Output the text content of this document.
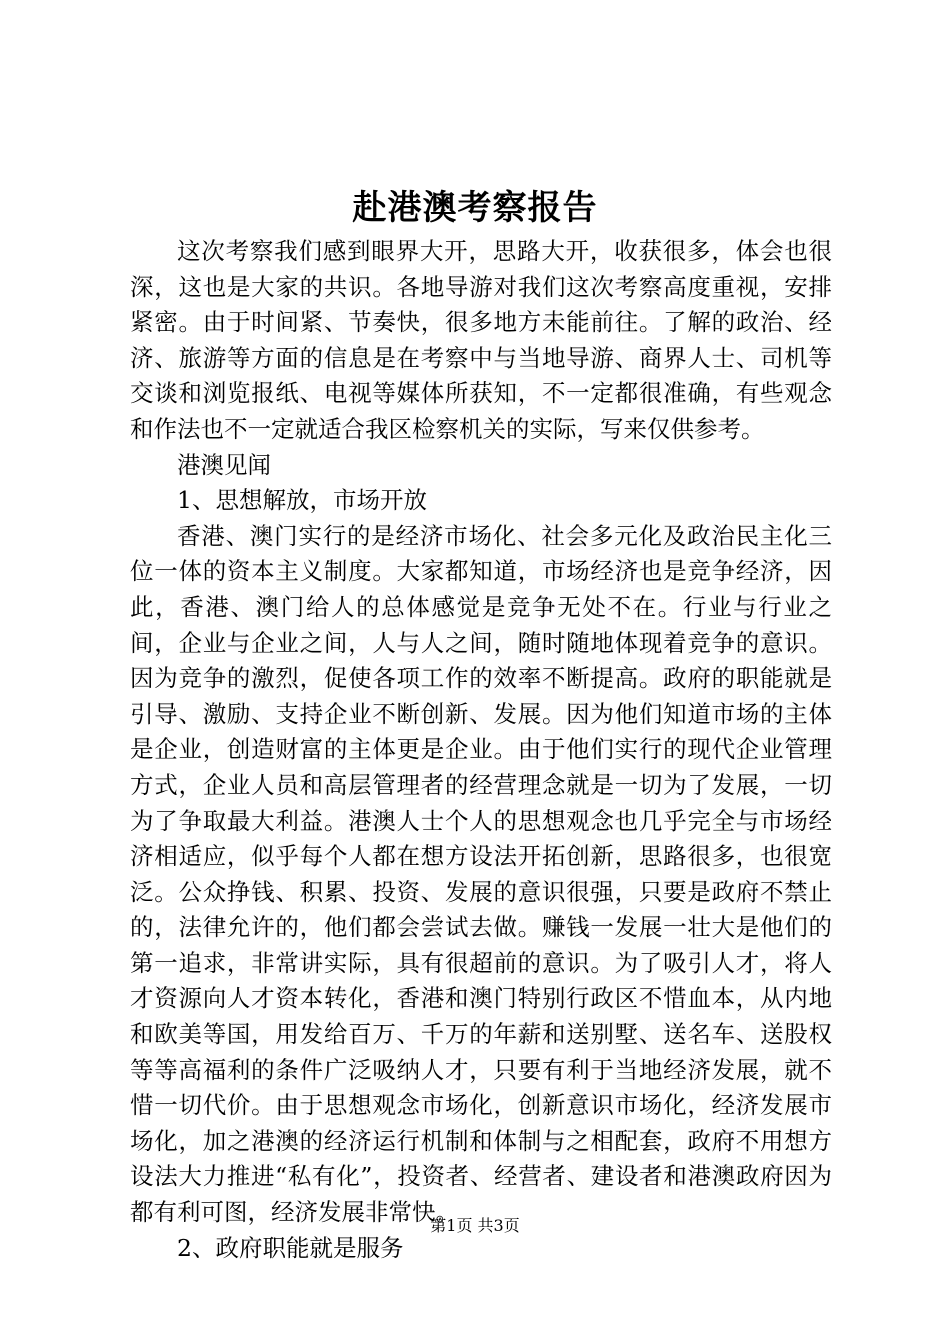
赴港澳考察报告

这次考察我们感到眼界大开，思路大开，收获很多，体会也很深，这也是大家的共识。各地导游对我们这次考察高度重视，安排紧密。由于时间紧、节奏快，很多地方未能前往。了解的政治、经济、旅游等方面的信息是在考察中与当地导游、商界人士、司机等交谈和浏览报纸、电视等媒体所获知，不一定都很准确，有些观念和作法也不一定就适合我区检察机关的实际，写来仅供参考。

港澳见闻

1、思想解放，市场开放

香港、澳门实行的是经济市场化、社会多元化及政治民主化三位一体的资本主义制度。大家都知道，市场经济也是竞争经济，因此，香港、澳门给人的总体感觉是竞争无处不在。行业与行业之间，企业与企业之间，人与人之间，随时随地体现着竞争的意识。因为竞争的激烈，促使各项工作的效率不断提高。政府的职能就是引导、激励、支持企业不断创新、发展。因为他们知道市场的主体是企业，创造财富的主体更是企业。由于他们实行的现代企业管理方式，企业人员和高层管理者的经营理念就是一切为了发展，一切为了争取最大利益。港澳人士个人的思想观念也几乎完全与市场经济相适应，似乎每个人都在想方设法开拓创新，思路很多，也很宽泛。公众挣钱、积累、投资、发展的意识很强，只要是政府不禁止的，法律允许的，他们都会尝试去做。赚钱一发展一壮大是他们的第一追求，非常讲实际，具有很超前的意识。为了吸引人才，将人才资源向人才资本转化，香港和澳门特别行政区不惜血本，从内地和欧美等国，用发给百万、千万的年薪和送别墅、送名车、送股权等等高福利的条件广泛吸纳人才，只要有利于当地经济发展，就不惜一切代价。由于思想观念市场化，创新意识市场化，经济发展市场化，加之港澳的经济运行机制和体制与之相配套，政府不用想方设法大力推进“私有化”，投资者、经营者、建设者和港澳政府因为都有利可图，经济发展非常快。

2、政府职能就是服务

第1页 共3页
